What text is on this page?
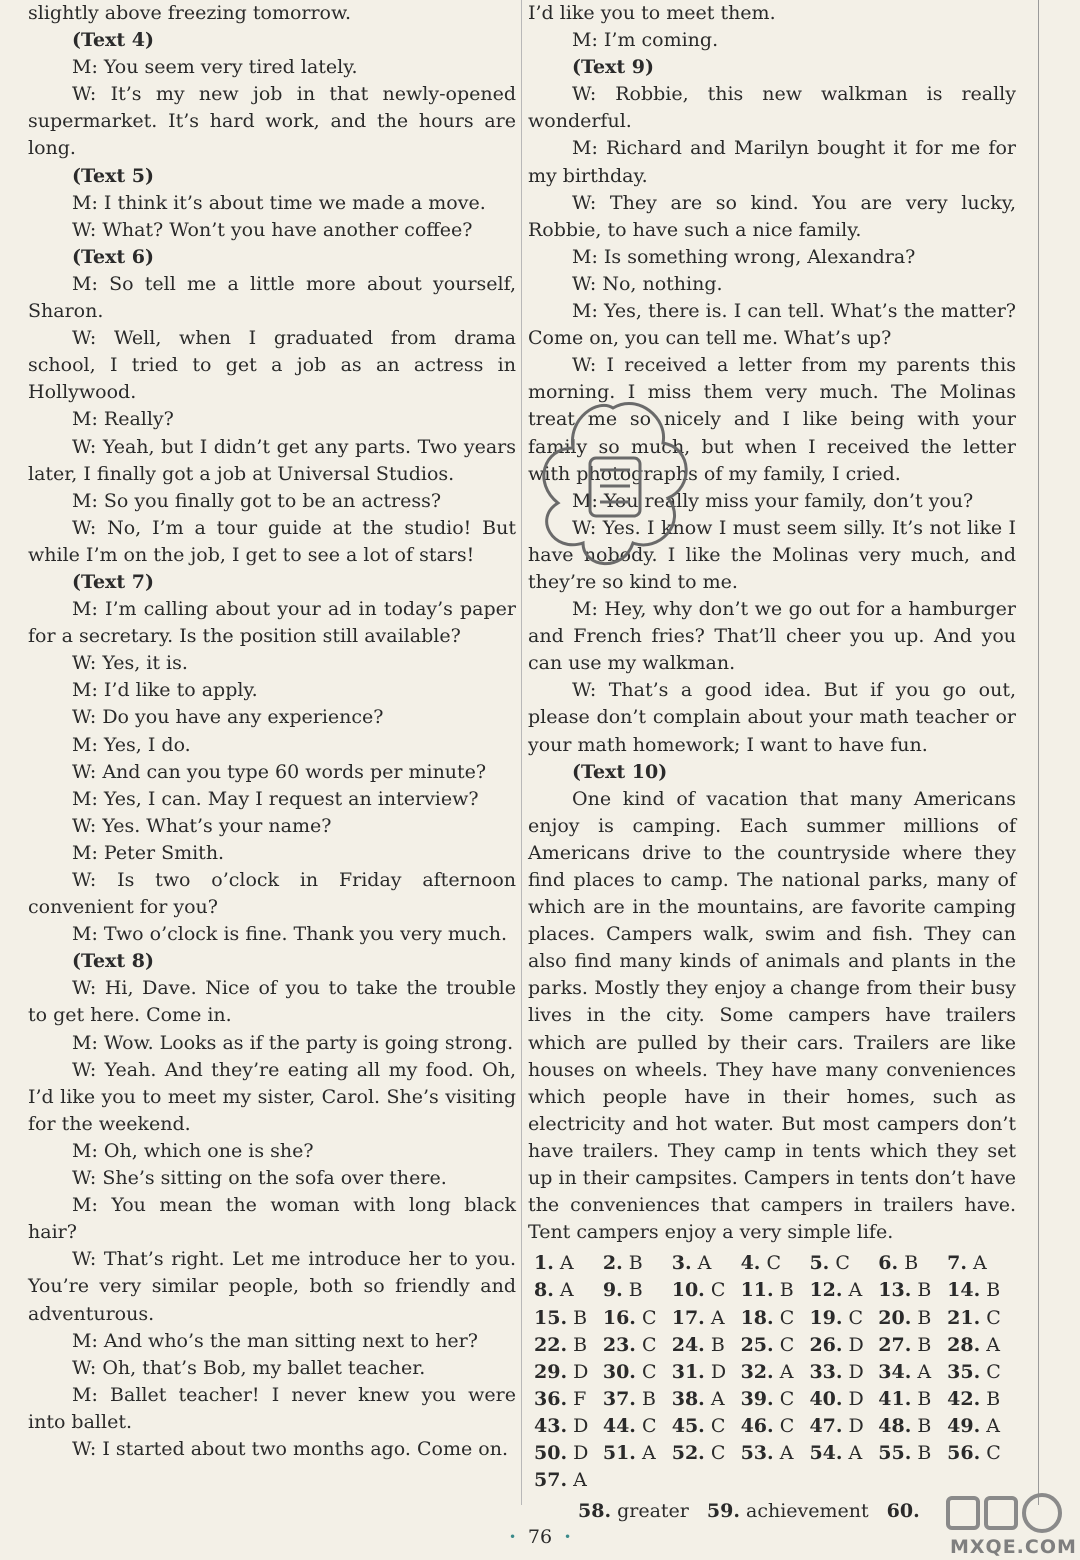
slightly above freezing tomorrow.

(Text 4)

M: You seem very tired lately.

W: It’s my new job in that newly-opened supermarket. It’s hard work, and the hours are long.

(Text 5)

M: I think it’s about time we made a move.

W: What? Won’t you have another coffee?

(Text 6)

M: So tell me a little more about yourself, Sharon.

W: Well, when I graduated from drama school, I tried to get a job as an actress in Hollywood.

M: Really?

W: Yeah, but I didn’t get any parts. Two years later, I finally got a job at Universal Studios.

M: So you finally got to be an actress?

W: No, I’m a tour guide at the studio! But while I’m on the job, I get to see a lot of stars!

(Text 7)

M: I’m calling about your ad in today’s paper for a secretary. Is the position still available?

W: Yes, it is.

M: I’d like to apply.

W: Do you have any experience?

M: Yes, I do.

W: And can you type 60 words per minute?

M: Yes, I can. May I request an interview?

W: Yes. What’s your name?

M: Peter Smith.

W: Is two o’clock in Friday afternoon convenient for you?

M: Two o’clock is fine. Thank you very much.

(Text 8)

W: Hi, Dave. Nice of you to take the trouble to get here. Come in.

M: Wow. Looks as if the party is going strong.

W: Yeah. And they’re eating all my food. Oh, I’d like you to meet my sister, Carol. She’s visiting for the weekend.

M: Oh, which one is she?

W: She’s sitting on the sofa over there.

M: You mean the woman with long black hair?

W: That’s right. Let me introduce her to you. You’re very similar people, both so friendly and adventurous.

M: And who’s the man sitting next to her?

W: Oh, that’s Bob, my ballet teacher.

M: Ballet teacher! I never knew you were into ballet.

W: I started about two months ago. Come on.

I’d like you to meet them.

M: I’m coming.

(Text 9)

W: Robbie, this new walkman is really wonderful.

M: Richard and Marilyn bought it for me for my birthday.

W: They are so kind. You are very lucky, Robbie, to have such a nice family.

M: Is something wrong, Alexandra?

W: No, nothing.

M: Yes, there is. I can tell. What’s the matter? Come on, you can tell me. What’s up?

W: I received a letter from my parents this morning. I miss them very much. The Molinas treat me so nicely and I like being with your family so much, but when I received the letter with photographs of my family, I cried.

M: You really miss your family, don’t you?

W: Yes. I know I must seem silly. It’s not like I have nobody. I like the Molinas very much, and they’re so kind to me.

M: Hey, why don’t we go out for a hamburger and French fries? That’ll cheer you up. And you can use my walkman.

W: That’s a good idea. But if you go out, please don’t complain about your math teacher or your math homework; I want to have fun.

(Text 10)

One kind of vacation that many Americans enjoy is camping. Each summer millions of Americans drive to the countryside where they find places to camp. The national parks, many of which are in the mountains, are favorite camping places. Campers walk, swim and fish. They can also find many kinds of animals and plants in the parks. Mostly they enjoy a change from their busy lives in the city. Some campers have trailers which are pulled by their cars. Trailers are like houses on wheels. They have many conveniences which people have in their homes, such as electricity and hot water. But most campers don’t have trailers. They camp in tents which they set up in their campsites. Campers in tents don’t have the conveniences that campers in trailers have. Tent campers enjoy a very simple life.

1. A	2. B	3. A	4. C	5. C	6. B	7. A
8. A	9. B	10. C 11. B 12. A 13. B 14. B
15. B 16. C 17. A 18. C 19. C 20. B 21. C
22. B 23. C 24. B 25. C 26. D 27. B 28. A
29. D 30. C 31. D 32. A 33. D 34. A 35. C
36. F 37. B 38. A 39. C 40. D 41. B 42. B
43. D 44. C 45. C 46. C 47. D 48. B 49. A
50. D 51. A 52. C 53. A 54. A 55. B 56. C
57. A
58. greater 59. achievement 60.
MXQE.COM
· 76 ·
